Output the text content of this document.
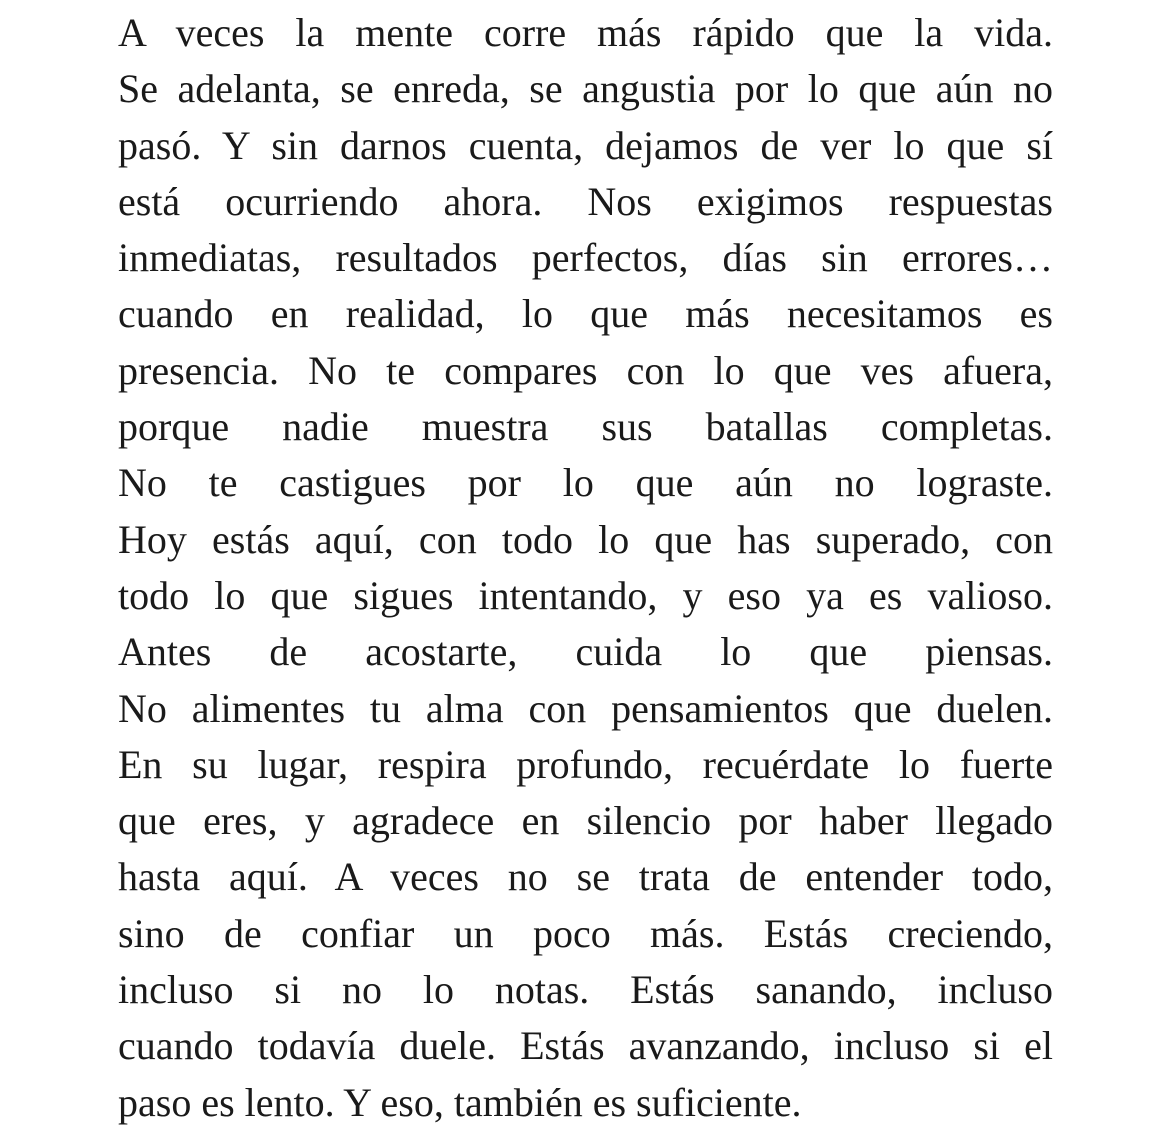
A veces la mente corre más rápido que la vida.
Se adelanta, se enreda, se angustia por lo que aún no
pasó. Y sin darnos cuenta, dejamos de ver lo que sí
está ocurriendo ahora. Nos exigimos respuestas
inmediatas, resultados perfectos, días sin errores…
cuando en realidad, lo que más necesitamos es
presencia. No te compares con lo que ves afuera,
porque nadie muestra sus batallas completas.
No te castigues por lo que aún no lograste.
Hoy estás aquí, con todo lo que has superado, con
todo lo que sigues intentando, y eso ya es valioso.
Antes de acostarte, cuida lo que piensas.
No alimentes tu alma con pensamientos que duelen.
En su lugar, respira profundo, recuérdate lo fuerte
que eres, y agradece en silencio por haber llegado
hasta aquí. A veces no se trata de entender todo,
sino de confiar un poco más. Estás creciendo,
incluso si no lo notas. Estás sanando, incluso
cuando todavía duele. Estás avanzando, incluso si el
paso es lento. Y eso, también es suficiente.
